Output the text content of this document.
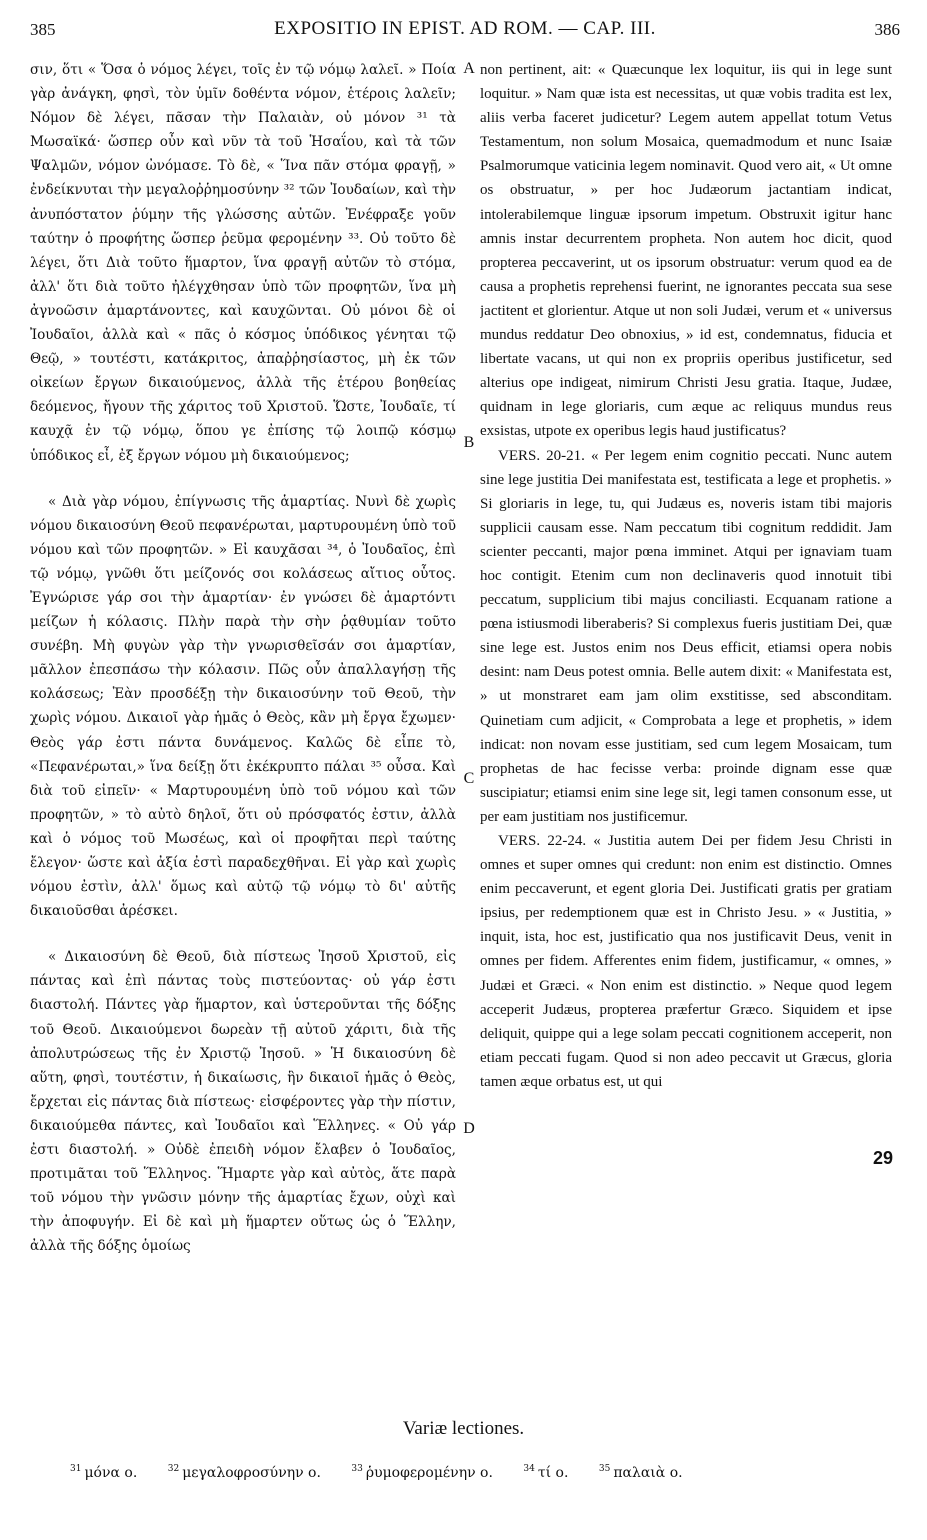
385	EXPOSITIO IN EPIST. AD ROM. — CAP. III.	386

σιν, ὅτι « Ὅσα ὁ νόμος λέγει, τοῖς ἐν τῷ νόμῳ λαλεῖ. » Ποία γὰρ ἀνάγκη, φησὶ, τὸν ὑμῖν δοθέντα νόμον, ἑτέροις λαλεῖν; Νόμον δὲ λέγει, πᾶσαν τὴν Παλαιὰν, οὐ μόνον ³¹ τὰ Μωσαϊκά· ὥσπερ οὖν καὶ νῦν τὰ τοῦ Ἡσαΐου, καὶ τὰ τῶν Ψαλμῶν, νόμον ὠνόμασε. Τὸ δὲ, « Ἵνα πᾶν στόμα φραγῇ, » ἐνδείκνυται τὴν μεγαλοῤῥημοσύνην ³² τῶν Ἰουδαίων, καὶ τὴν ἀνυπόστατον ῥύμην τῆς γλώσσης αὐτῶν. Ἐνέφραξε γοῦν ταύτην ὁ προφήτης ὥσπερ ῥεῦμα φερομένην ³³. Οὐ τοῦτο δὲ λέγει, ὅτι Διὰ τοῦτο ἥμαρτον, ἵνα φραγῇ αὐτῶν τὸ στόμα, ἀλλ' ὅτι διὰ τοῦτο ἠλέγχθησαν ὑπὸ τῶν προφητῶν, ἵνα μὴ ἀγνοῶσιν ἁμαρτάνοντες, καὶ καυχῶνται. Οὐ μόνοι δὲ οἱ Ἰουδαῖοι, ἀλλὰ καὶ « πᾶς ὁ κόσμος ὑπόδικος γένηται τῷ Θεῷ, » τουτέστι, κατάκριτος, ἀπαῤῥησίαστος, μὴ ἐκ τῶν οἰκείων ἔργων δικαιούμενος, ἀλλὰ τῆς ἑτέρου βοηθείας δεόμενος, ἤγουν τῆς χάριτος τοῦ Χριστοῦ. Ὥστε, Ἰουδαῖε, τί καυχᾷ ἐν τῷ νόμῳ, ὅπου γε ἐπίσης τῷ λοιπῷ κόσμῳ ὑπόδικος εἶ, ἐξ ἔργων νόμου μὴ δικαιούμενος;

« Διὰ γὰρ νόμου, ἐπίγνωσις τῆς ἁμαρτίας. Νυνὶ δὲ χωρὶς νόμου δικαιοσύνη Θεοῦ πεφανέρωται, μαρτυρουμένη ὑπὸ τοῦ νόμου καὶ τῶν προφητῶν. » Εἰ καυχᾶσαι ³⁴, ὁ Ἰουδαῖος, ἐπὶ τῷ νόμῳ, γνῶθι ὅτι μείζονός σοι κολάσεως αἴτιος οὗτος. Ἐγνώρισε γάρ σοι τὴν ἁμαρτίαν· ἐν γνώσει δὲ ἁμαρτόντι μείζων ἡ κόλασις. Πλὴν παρὰ τὴν σὴν ῥᾳθυμίαν τοῦτο συνέβη. Μὴ φυγὼν γὰρ τὴν γνωρισθεῖσάν σοι ἁμαρτίαν, μᾶλλον ἐπεσπάσω τὴν κόλασιν. Πῶς οὖν ἀπαλλαγήσῃ τῆς κολάσεως; Ἐὰν προσδέξῃ τὴν δικαιοσύνην τοῦ Θεοῦ, τὴν χωρὶς νόμου. Δικαιοῖ γὰρ ἡμᾶς ὁ Θεὸς, κἂν μὴ ἔργα ἔχωμεν· Θεὸς γάρ ἐστι πάντα δυνάμενος. Καλῶς δὲ εἶπε τὸ, «Πεφανέρωται,» ἵνα δείξῃ ὅτι ἐκέκρυπτο πάλαι ³⁵ οὖσα. Καὶ διὰ τοῦ εἰπεῖν· « Μαρτυρουμένη ὑπὸ τοῦ νόμου καὶ τῶν προφητῶν, » τὸ αὐτὸ δηλοῖ, ὅτι οὐ πρόσφατός ἐστιν, ἀλλὰ καὶ ὁ νόμος τοῦ Μωσέως, καὶ οἱ προφῆται περὶ ταύτης ἔλεγον· ὥστε καὶ ἀξία ἐστὶ παραδεχθῆναι. Εἰ γὰρ καὶ χωρὶς νόμου ἐστὶν, ἀλλ' ὅμως καὶ αὐτῷ τῷ νόμῳ τὸ δι' αὐτῆς δικαιοῦσθαι ἀρέσκει.

« Δικαιοσύνη δὲ Θεοῦ, διὰ πίστεως Ἰησοῦ Χριστοῦ, εἰς πάντας καὶ ἐπὶ πάντας τοὺς πιστεύοντας· οὐ γάρ ἐστι διαστολή. Πάντες γὰρ ἥμαρτον, καὶ ὑστεροῦνται τῆς δόξης τοῦ Θεοῦ. Δικαιούμενοι δωρεὰν τῇ αὐτοῦ χάριτι, διὰ τῆς ἀπολυτρώσεως τῆς ἐν Χριστῷ Ἰησοῦ. » Ἡ δικαιοσύνη δὲ αὕτη, φησὶ, τουτέστιν, ἡ δικαίωσις, ἣν δικαιοῖ ἡμᾶς ὁ Θεὸς, ἔρχεται εἰς πάντας διὰ πίστεως· εἰσφέροντες γὰρ τὴν πίστιν, δικαιούμεθα πάντες, καὶ Ἰουδαῖοι καὶ Ἕλληνες. « Οὐ γάρ ἐστι διαστολή. » Οὐδὲ ἐπειδὴ νόμον ἔλαβεν ὁ Ἰουδαῖος, προτιμᾶται τοῦ Ἕλληνος. Ἥμαρτε γὰρ καὶ αὐτὸς, ἅτε παρὰ τοῦ νόμου τὴν γνῶσιν μόνην τῆς ἁμαρτίας ἔχων, οὐχὶ καὶ τὴν ἀποφυγήν. Εἰ δὲ καὶ μὴ ἥμαρτεν οὕτως ὡς ὁ Ἕλλην, ἀλλὰ τῆς δόξης ὁμοίως

A
B
C
D

non pertinent, ait: « Quæcunque lex loquitur, iis qui in lege sunt loquitur. » Nam quæ ista est necessitas, ut quæ vobis tradita est lex, aliis verba faceret judicetur? Legem autem appellat totum Vetus Testamentum, non solum Mosaica, quemadmodum et nunc Isaiæ Psalmorumque vaticinia legem nominavit. Quod vero ait, « Ut omne os obstruatur, » per hoc Judæorum jactantiam indicat, intolerabilemque linguæ ipsorum impetum. Obstruxit igitur hanc amnis instar decurrentem propheta. Non autem hoc dicit, quod propterea peccaverint, ut os ipsorum obstruatur: verum quod ea de causa a prophetis reprehensi fuerint, ne ignorantes peccata sua sese jactitent et glorientur. Atque ut non soli Judæi, verum et « universus mundus reddatur Deo obnoxius, » id est, condemnatus, fiducia et libertate vacans, ut qui non ex propriis operibus justificetur, sed alterius ope indigeat, nimirum Christi Jesu gratia. Itaque, Judæe, quidnam in lege gloriaris, cum æque ac reliquus mundus reus exsistas, utpote ex operibus legis haud justificatus?

VERS. 20-21. « Per legem enim cognitio peccati. Nunc autem sine lege justitia Dei manifestata est, testificata a lege et prophetis. » Si gloriaris in lege, tu, qui Judæus es, noveris istam tibi majoris supplicii causam esse. Nam peccatum tibi cognitum reddidit. Jam scienter peccanti, major pœna imminet. Atqui per ignaviam tuam hoc contigit. Etenim cum non declinaveris quod innotuit tibi peccatum, supplicium tibi majus conciliasti. Ecquanam ratione a pœna istiusmodi liberaberis? Si complexus fueris justitiam Dei, quæ sine lege est. Justos enim nos Deus efficit, etiamsi opera nobis desint: nam Deus potest omnia. Belle autem dixit: « Manifestata est, » ut monstraret eam jam olim exstitisse, sed absconditam. Quinetiam cum adjicit, « Comprobata a lege et prophetis, » idem indicat: non novam esse justitiam, sed cum legem Mosaicam, tum prophetas de hac fecisse verba: proinde dignam esse quæ suscipiatur; etiamsi enim sine lege sit, legi tamen consonum esse, ut per eam justitiam nos justificemur.

VERS. 22-24. « Justitia autem Dei per fidem Jesu Christi in omnes et super omnes qui credunt: non enim est distinctio. Omnes enim peccaverunt, et egent gloria Dei. Justificati gratis per gratiam ipsius, per redemptionem quæ est in Christo Jesu. » « Justitia, » inquit, ista, hoc est, justificatio qua nos justificavit Deus, venit in omnes per fidem. Afferentes enim fidem, justificamur, « omnes, » Judæi et Græci. « Non enim est distinctio. » Neque quod legem acceperit Judæus, propterea præfertur Græco. Siquidem et ipse deliquit, quippe qui a lege solam peccati cognitionem acceperit, non etiam peccati fugam. Quod si non adeo peccavit ut Græcus, gloria tamen æque orbatus est, ut qui

29
Variæ lectiones.
$^{31}$ μόνα ο.	$^{32}$ μεγαλοφροσύνην ο.	$^{33}$ ῥυμοφερομένην ο.	$^{34}$ τί ο.	$^{35}$ παλαιὰ ο.
